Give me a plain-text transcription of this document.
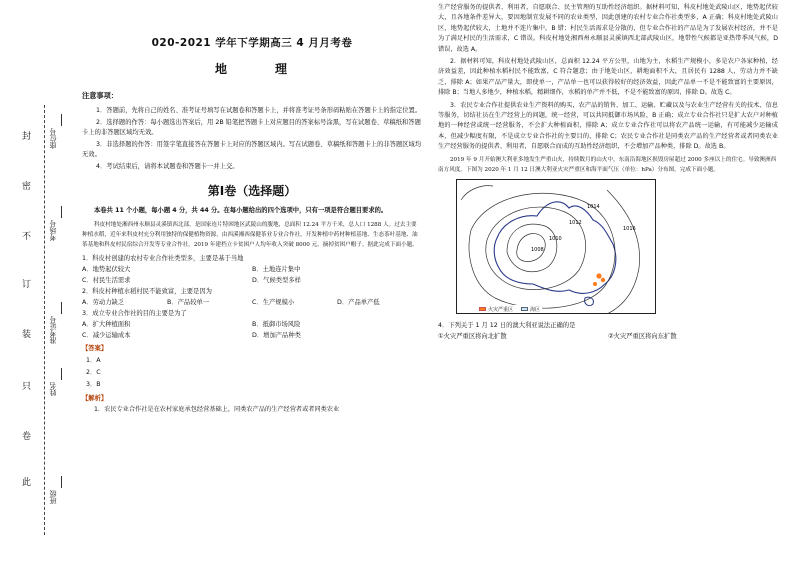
封
密
不
订
装
只
卷
此
班级
姓名
准考证号
考场号
座位号
020-2021 学年下学期高三 4 月月考卷
地　理
注意事项：
1．答题前，先将自己的姓名、准考证号填写在试题卷和答题卡上，并将准考证号条形码粘贴在答题卡上的指定位置。
2．选择题的作答：每小题选出答案后，用 2B 铅笔把答题卡上对应题目的答案标号涂黑，写在试题卷、草稿纸和答题卡上的非答题区域均无效。
3．非选择题的作答：用签字笔直接答在答题卡上对应的答题区域内。写在试题卷、草稿纸和答题卡上的非答题区域均无效。
4．考试结束后，请将本试题卷和答题卡一并上交。
第Ⅰ卷（选择题）
本卷共 11 个小题，每小题 4 分，共 44 分。在每小题给出的四个选项中，只有一项是符合题目要求的。
科皮村地处湘西州永顺县灵溪镇西北部，是国家连片特困地区武陵山的腹地，总面积 12.24 平方千米，总人口 1288 人。过去主要种植水稻，近年来科皮村充分利用独特的保健植物资源，由西溪湘西保健茶业专业合作社，开发种植中药材种植基地、生态茶叶基地、油茶基地和科皮村民宿综合开发等专业合作社。2019 年建档立卡贫困户人均年收入突破 8000 元，摘掉贫困户帽子。据此完成下面小题。
1．科皮村创建的农村专业合作社类型多，主要是基于当地
A．地势起伏较大	B．土地连片集中
C．村民生活需求	D．气候类型多样
2．科皮村种植水稻村民不能致富，主要是因为
A．劳动力缺乏	B．产品较单一	C．生产规模小	D．产品单产低
3．成立专业合作社的目的主要是为了
A．扩大种植面积	B．抵御市场风险
C．减少运输成本	D．增加产品种类
【答案】
1．A
2．C
3．B
【解析】
1．农民专业合作社是在农村家庭承包经营基础上，同类农产品的生产经营者或者同类农业
生产经营服务的提供者、利用者，自愿联合、民主管理的互助性经济组织。据材料可知，科皮村地处武陵山区，地势起伏较大，且各地条件差异大，要因地制宜发展不同的农业类型，因此创建的农村专业合作社类型多，A 正确；科皮村地处武陵山区，地势起伏较大，土地并不连片集中，B 错；村民生活需求是分散的，但专业合作社的产品是为了发展农村经济，并不是为了满足村民的生活需求，C 错误。科皮村地处湘西州永顺县灵溪镇西北部武陵山区，地带性气候都是亚热带季风气候，D 错误，故选 A。
2．据材料可知，科皮村地处武陵山区，总面积 12.24 平方公里，山地为主，水稻生产规模小，多是农户各家种植，经济效益差，因此种植水稻村民不能致富，C 符合题意；由于地处山区，耕地面积不大，且居民有 1288 人，劳动力并不缺乏，排除 A；如果产品产量大，即使单一，产品单一也可以获得较好的经济效益，因此产品单一不是不能致富的主要原因，排除 B；当地人多地少，种植水稻，精耕细作，水稻的单产并不低，不是不能致富的原因，排除 D。故选 C。
3．农民专业合作社提供农业生产资料的购买，农产品的销售、加工、运输、贮藏以及与农业生产经营有关的技术、信息等服务，切结社员在生产经营上的问题，统一经营，可以共同抵御市场风险，B 正确；成立专业合作社只是扩大农户对种植地的一种经营或统一经营服务，不会扩大种植面积，排除 A；成立专业合作社可以将农产品统一运输，有可能减少运输成本，但减少幅度有限，不是成立专业合作社的主要目的，排除 C；农民专业合作社是同类农产品的生产经营者或者同类农业生产经营服务的提供者、利用者，自愿联合而成的互助性经济组织，不会增加产品种类，排除 D。故选 B。
2019 年 9 月开始澳大利亚多地发生严重山火，持续数月的山火中，东南沿海地区损毁房屋超过 2000 多座以上的住宅。导致澳洲西南方风度。下图为 2020 年 1 月 12 日澳大利亚火灾严重区和海平面气压（单位：hPa）分布图。完成下面小题。
1008
1010
1012
1014
1016
火灾严重区	海区
4．下列关于 1 月 12 日的澳大利亚说法正确的是
①火灾严重区将向北扩散	②火灾严重区将向东扩散
